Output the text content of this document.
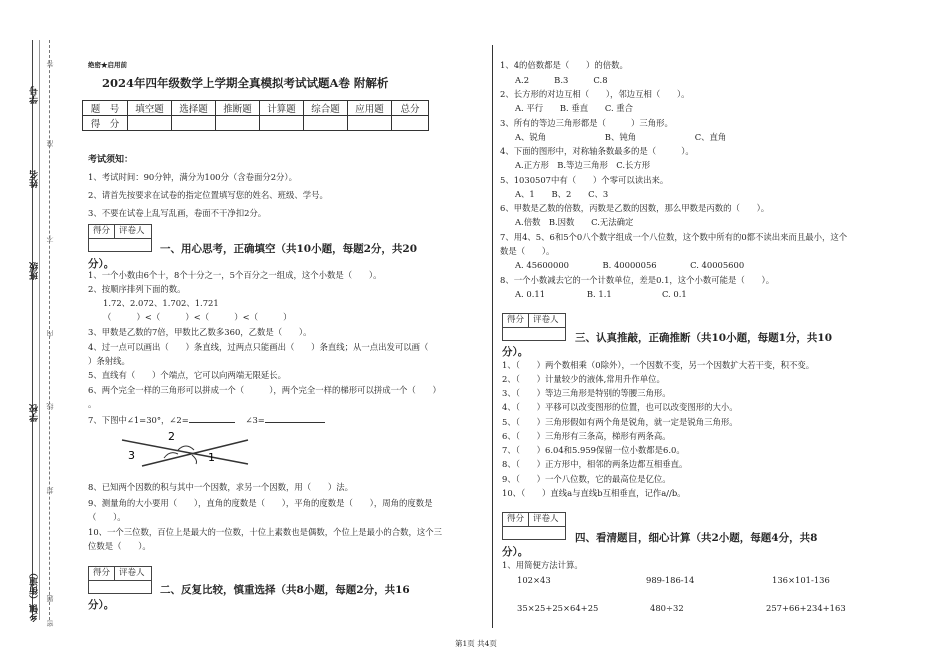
学号
姓名
班级
学校
乡镇（街道）
密
封
线
内
不
准
答
题
绝密★启用前
2024年四年级数学上学期全真模拟考试试题A卷 附解析
题　号	填空题	选择题	推断题	计算题	综合题	应用题	总分
得　分							
考试须知：
1、考试时间：90分钟，满分为100分（含卷面分2分）。
2、请首先按要求在试卷的指定位置填写您的姓名、班级、学号。
3、不要在试卷上乱写乱画，卷面不干净扣2分。
得分	评卷人
一、用心思考，正确填空（共10小题，每题2分，共20
分）。
1、一个小数由6个十，8个十分之一，5个百分之一组成，这个小数是（　　）。
2、按顺序排列下面的数。
1.72、2.072、1.702、1.721
（　　　）<（　　　）<（　　　）<（　　　）
3、甲数是乙数的7倍，甲数比乙数多360，乙数是（　　）。
4、过一点可以画出（　　）条直线，过两点只能画出（　　）条直线；从一点出发可以画（　　
）条射线。
5、直线有（　　）个端点，它可以向两端无限延长。
6、两个完全一样的三角形可以拼成一个（　　　），两个完全一样的梯形可以拼成一个（　　）
。
7、下图中∠1=30°，∠2=	∠3=
2
3	1
8、已知两个因数的积与其中一个因数，求另一个因数，用（　　）法。
9、测量角的大小要用（　　），直角的度数是（　　），平角的度数是（　　），周角的度数是
（　　）。
10、一个三位数，百位上是最大的一位数，十位上素数也是偶数，个位上是最小的合数，这个三
位数是（　　）。
得分	评卷人
二、反复比较，慎重选择（共8小题，每题2分，共16
分）。
1、4的倍数都是（　　）的倍数。
A.2　　　B.3　　　C.8
2、长方形的对边互相（　　），邻边互相（　　）。
A. 平行　　B. 垂直　　C. 重合
3、所有的等边三角形都是（　　　）三角形。
A、锐角　　　　　　　B、钝角　　　　　　　C、直角
4、下面的图形中，对称轴条数最多的是（　　　）。
A.正方形　B.等边三角形　C.长方形
5、1030507中有（　　）个零可以读出来。
A、1　　B、2　　C、3
6、甲数是乙数的倍数，丙数是乙数的因数，那么甲数是丙数的（　　）。
A.倍数　B.因数　　C.无法确定
7、用4、5、6和5个0八个数字组成一个八位数，这个数中所有的0都不读出来而且最小，这个
数是（　　）。
A. 45600000　　　　B. 40000056　　　　C. 40005600
8、一个小数减去它的一个计数单位，差是0.1，这个小数可能是（　　）。
A. 0.11　　　　　B. 1.1　　　　　　C. 0.1
得分	评卷人
三、认真推敲，正确推断（共10小题，每题1分，共10
分）。
1、（　　）两个数相乘（0除外），一个因数不变，另一个因数扩大若干变，积不变。
2、（　　）计量较少的液体,常用升作单位。
3、（　　）等边三角形是特别的等腰三角形。
4、（　　）平移可以改变图形的位置，也可以改变图形的大小。
5、（　　）三角形假如有两个角是锐角，就一定是锐角三角形。
6、（　　）三角形有三条高，梯形有两条高。
7、（　　）6.04和5.959保留一位小数都是6.0。
8、（　　）正方形中，相邻的两条边都互相垂直。
9、（　　）一个八位数，它的最高位是亿位。
10、（　　）直线a与直线b互相垂直，记作a//b。
得分	评卷人
四、看清题目，细心计算（共2小题，每题4分，共8
分）。
1、用简便方法计算。
102×43	989-186-14	136×101-136
35×25+25×64+25	480÷32	257+66+234+163
第1页 共4页
